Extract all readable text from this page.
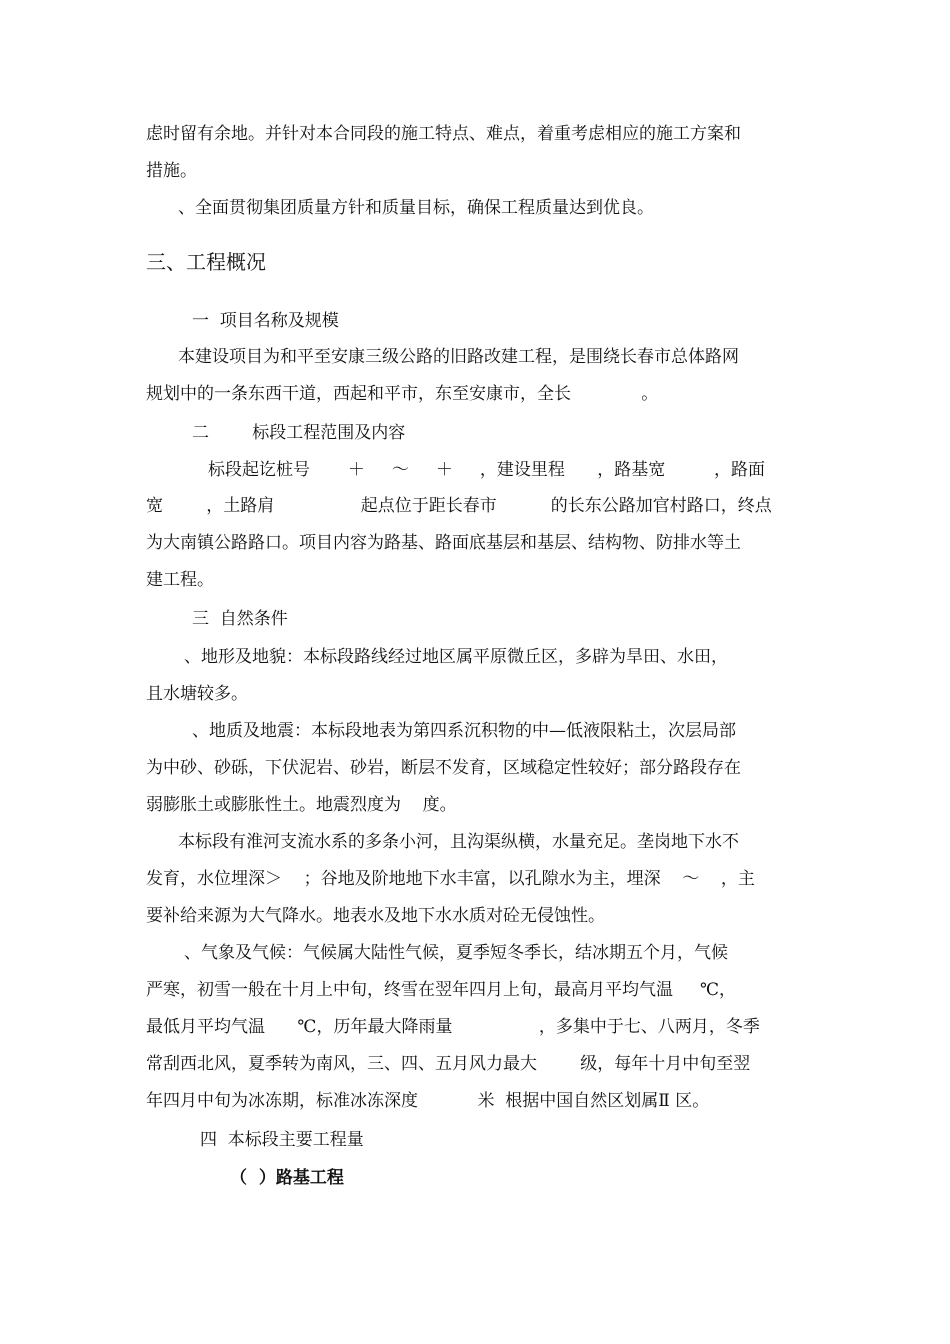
虑时留有余地。并针对本合同段的施工特点、难点，着重考虑相应的施工方案和
措施。
、全面贯彻集团质量方针和质量目标，确保工程质量达到优良。
三、工程概况
一  项目名称及规模
本建设项目为和平至安康三级公路的旧路改建工程，是围绕长春市总体路网
规划中的一条东西干道，西起和平市，东至安康市，全长             。
二        标段工程范围及内容
标段起讫桩号       ＋     ～     ＋     ，建设里程      ，路基宽         ，路面
宽        ，土路肩                起点位于距长春市          的长东公路加官村路口，终点
为大南镇公路路口。项目内容为路基、路面底基层和基层、结构物、防排水等土
建工程。
三  自然条件
、地形及地貌：本标段路线经过地区属平原微丘区，多辟为旱田、水田，
且水塘较多。
、地质及地震：本标段地表为第四系沉积物的中—低液限粘土，次层局部
为中砂、砂砾，下伏泥岩、砂岩，断层不发育，区域稳定性较好；部分路段存在
弱膨胀土或膨胀性土。地震烈度为    度。
本标段有淮河支流水系的多条小河，且沟渠纵横，水量充足。垄岗地下水不
发育，水位埋深＞    ；谷地及阶地地下水丰富，以孔隙水为主，埋深    ～    ，主
要补给来源为大气降水。地表水及地下水水质对砼无侵蚀性。
、气象及气候：气候属大陆性气候，夏季短冬季长，结冰期五个月，气候
严寒，初雪一般在十月上中旬，终雪在翌年四月上旬，最高月平均气温     ℃，
最低月平均气温      ℃，历年最大降雨量                ，多集中于七、八两月，冬季
常刮西北风，夏季转为南风，三、四、五月风力最大        级，每年十月中旬至翌
年四月中旬为冰冻期，标准冰冻深度           米  根据中国自然区划属Ⅱ 区。
四  本标段主要工程量
（  ）路基工程
